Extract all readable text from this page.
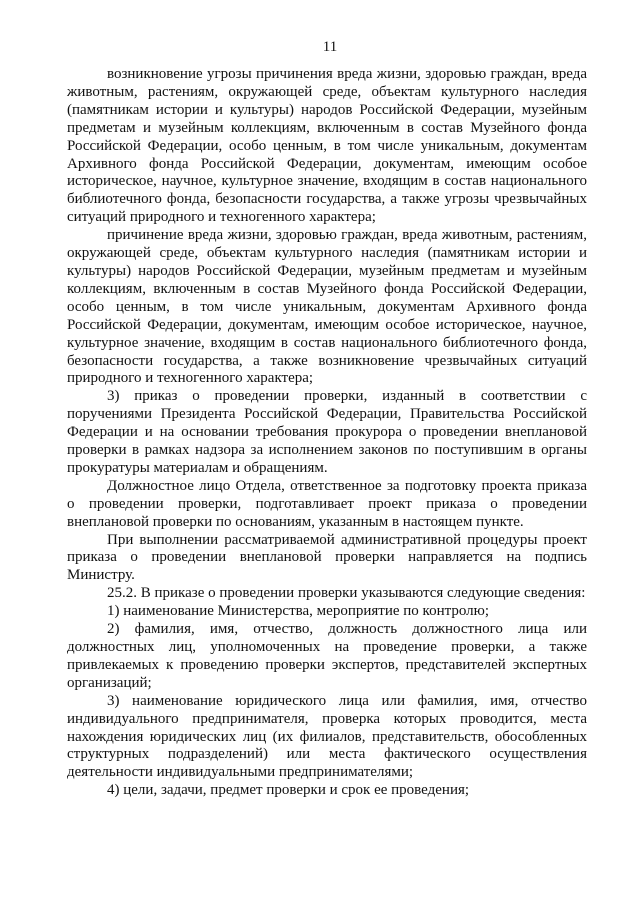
11

возникновение угрозы причинения вреда жизни, здоровью граждан, вреда животным, растениям, окружающей среде, объектам культурного наследия (памятникам истории и культуры) народов Российской Федерации, музейным предметам и музейным коллекциям, включенным в состав Музейного фонда Российской Федерации, особо ценным, в том числе уникальным, документам Архивного фонда Российской Федерации, документам, имеющим особое историческое, научное, культурное значение, входящим в состав национального библиотечного фонда, безопасности государства, а также угрозы чрезвычайных ситуаций природного и техногенного характера;

причинение вреда жизни, здоровью граждан, вреда животным, растениям, окружающей среде, объектам культурного наследия (памятникам истории и культуры) народов Российской Федерации, музейным предметам и музейным коллекциям, включенным в состав Музейного фонда Российской Федерации, особо ценным, в том числе уникальным, документам Архивного фонда Российской Федерации, документам, имеющим особое историческое, научное, культурное значение, входящим в состав национального библиотечного фонда, безопасности государства, а также возникновение чрезвычайных ситуаций природного и техногенного характера;

3) приказ о проведении проверки, изданный в соответствии с поручениями Президента Российской Федерации, Правительства Российской Федерации и на основании требования прокурора о проведении внеплановой проверки в рамках надзора за исполнением законов по поступившим в органы прокуратуры материалам и обращениям.

Должностное лицо Отдела, ответственное за подготовку проекта приказа о проведении проверки, подготавливает проект приказа о проведении внеплановой проверки по основаниям, указанным в настоящем пункте.

При выполнении рассматриваемой административной процедуры проект приказа о проведении внеплановой проверки направляется на подпись Министру.

25.2. В приказе о проведении проверки указываются следующие сведения:

1) наименование Министерства, мероприятие по контролю;

2) фамилия, имя, отчество, должность должностного лица или должностных лиц, уполномоченных на проведение проверки, а также привлекаемых к проведению проверки экспертов, представителей экспертных организаций;

3) наименование юридического лица или фамилия, имя, отчество индивидуального предпринимателя, проверка которых проводится, места нахождения юридических лиц (их филиалов, представительств, обособленных структурных подразделений) или места фактического осуществления деятельности индивидуальными предпринимателями;

4) цели, задачи, предмет проверки и срок ее проведения;
